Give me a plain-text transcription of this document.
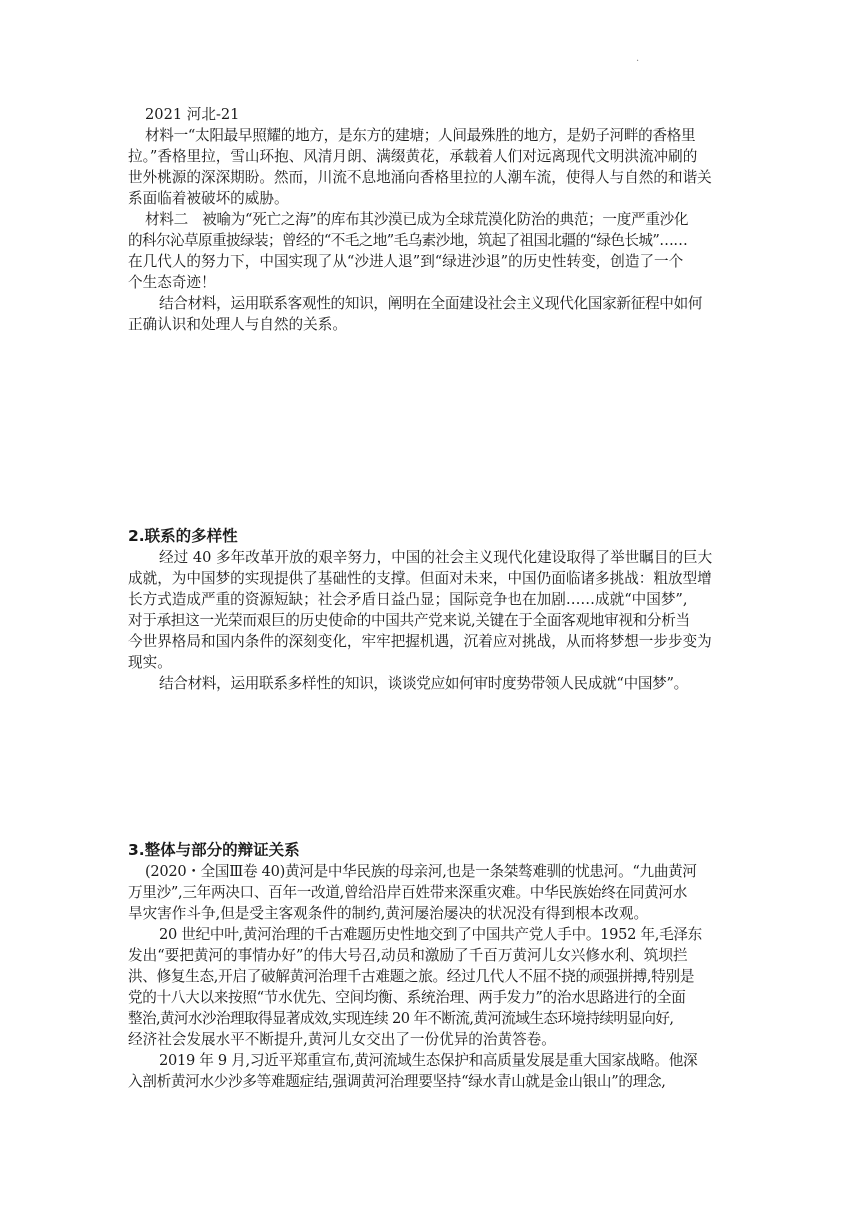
·
2021 河北-21
材料一“太阳最早照耀的地方，是东方的建塘；人间最殊胜的地方，是奶子河畔的香格里
拉。”香格里拉，雪山环抱、风清月朗、满缀黄花，承载着人们对远离现代文明洪流冲刷的
世外桃源的深深期盼。然而，川流不息地涌向香格里拉的人潮车流，使得人与自然的和谐关
系面临着被破坏的威胁。
材料二　被喻为“死亡之海”的库布其沙漠已成为全球荒漠化防治的典范；一度严重沙化
的科尔沁草原重披绿装；曾经的“不毛之地”毛乌素沙地，筑起了祖国北疆的“绿色长城”……
在几代人的努力下，中国实现了从“沙进人退”到“绿进沙退”的历史性转变，创造了一个
个生态奇迹！
结合材料，运用联系客观性的知识，阐明在全面建设社会主义现代化国家新征程中如何
正确认识和处理人与自然的关系。
2.联系的多样性
经过 40 多年改革开放的艰辛努力，中国的社会主义现代化建设取得了举世瞩目的巨大
成就，为中国梦的实现提供了基础性的支撑。但面对未来，中国仍面临诸多挑战：粗放型增
长方式造成严重的资源短缺；社会矛盾日益凸显；国际竞争也在加剧……成就“中国梦”,
对于承担这一光荣而艰巨的历史使命的中国共产党来说,关键在于全面客观地审视和分析当
今世界格局和国内条件的深刻变化，牢牢把握机遇，沉着应对挑战，从而将梦想一步步变为
现实。
结合材料，运用联系多样性的知识，谈谈党应如何审时度势带领人民成就“中国梦”。
3.整体与部分的辩证关系
(2020・全国Ⅲ卷 40)黄河是中华民族的母亲河,也是一条桀骜难驯的忧患河。“九曲黄河
万里沙”,三年两决口、百年一改道,曾给沿岸百姓带来深重灾难。中华民族始终在同黄河水
旱灾害作斗争,但是受主客观条件的制约,黄河屡治屡决的状况没有得到根本改观。
20 世纪中叶,黄河治理的千古难题历史性地交到了中国共产党人手中。1952 年,毛泽东
发出“要把黄河的事情办好”的伟大号召,动员和激励了千百万黄河儿女兴修水利、筑坝拦
洪、修复生态,开启了破解黄河治理千古难题之旅。经过几代人不屈不挠的顽强拼搏,特别是
党的十八大以来按照“节水优先、空间均衡、系统治理、两手发力”的治水思路进行的全面
整治,黄河水沙治理取得显著成效,实现连续 20 年不断流,黄河流域生态环境持续明显向好,
经济社会发展水平不断提升,黄河儿女交出了一份优异的治黄答卷。
2019 年 9 月,习近平郑重宣布,黄河流域生态保护和高质量发展是重大国家战略。他深
入剖析黄河水少沙多等难题症结,强调黄河治理要坚持“绿水青山就是金山银山”的理念,
